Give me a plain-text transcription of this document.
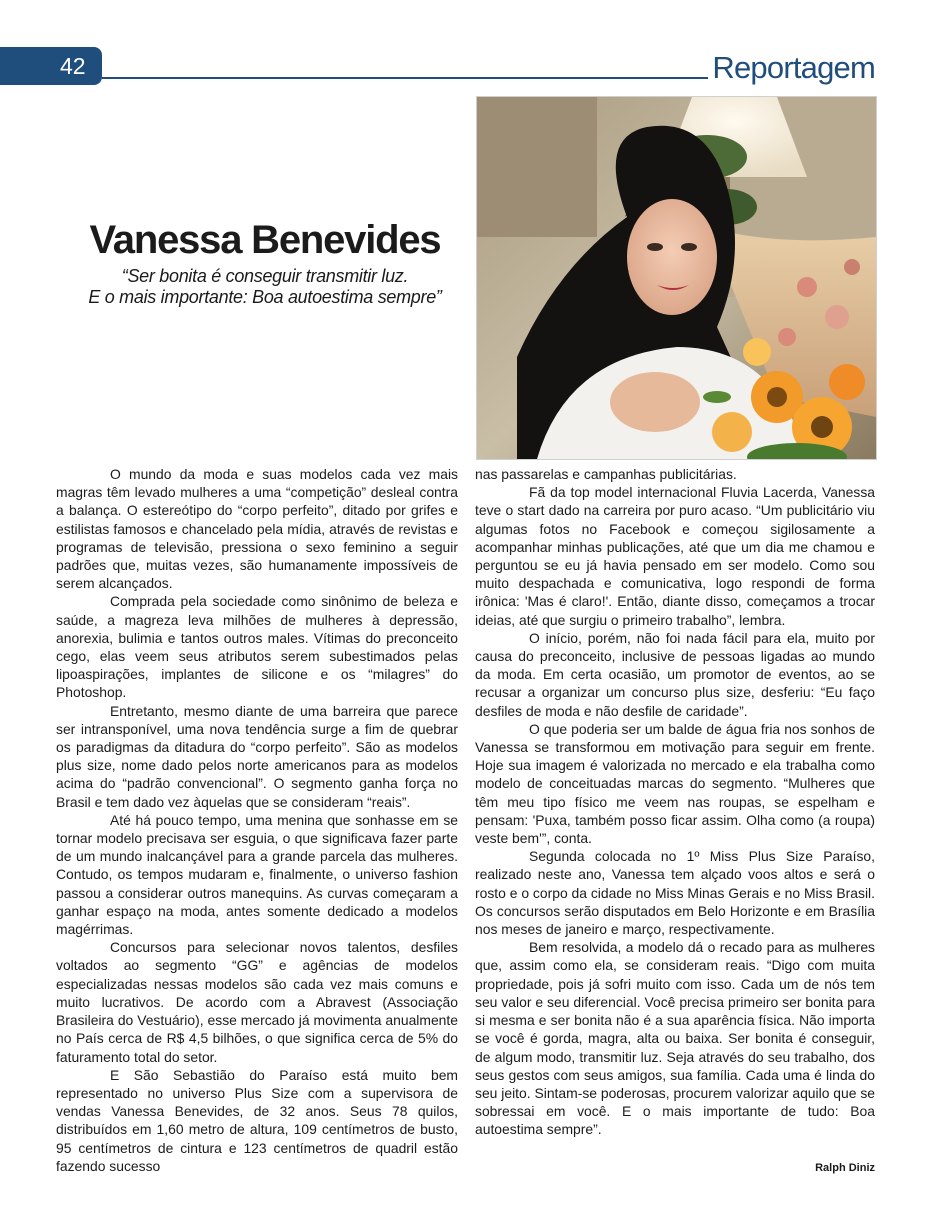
42	Reportagem
Vanessa Benevides
“Ser bonita é conseguir transmitir luz.
E o mais importante: Boa autoestima sempre”

O mundo da moda e suas modelos cada vez mais magras têm levado mulheres a uma “competição” desleal contra a balança. O estereótipo do “corpo perfeito”, ditado por grifes e estilistas famosos e chancelado pela mídia, através de revistas e programas de televisão, pressiona o sexo feminino a seguir padrões que, muitas vezes, são humanamente impossíveis de serem alcançados.

Comprada pela sociedade como sinônimo de beleza e saúde, a magreza leva milhões de mulheres à depressão, anorexia, bulimia e tantos outros males. Vítimas do preconceito cego, elas veem seus atributos serem subestimados pelas lipoaspirações, implantes de silicone e os “milagres” do Photoshop.

Entretanto, mesmo diante de uma barreira que parece ser intransponível, uma nova tendência surge a fim de quebrar os paradigmas da ditadura do “corpo perfeito”. São as modelos plus size, nome dado pelos norte americanos para as modelos acima do “padrão convencional”. O segmento ganha força no Brasil e tem dado vez àquelas que se consideram “reais”.

Até há pouco tempo, uma menina que sonhasse em se tornar modelo precisava ser esguia, o que significava fazer parte de um mundo inalcançável para a grande parcela das mulheres. Contudo, os tempos mudaram e, finalmente, o universo fashion passou a considerar outros manequins. As curvas começaram a ganhar espaço na moda, antes somente dedicado a modelos magérrimas.

Concursos para selecionar novos talentos, desfiles voltados ao segmento “GG” e agências de modelos especializadas nessas modelos são cada vez mais comuns e muito lucrativos. De acordo com a Abravest (Associação Brasileira do Vestuário), esse mercado já movimenta anualmente no País cerca de R$ 4,5 bilhões, o que significa cerca de 5% do faturamento total do setor.

E São Sebastião do Paraíso está muito bem representado no universo Plus Size com a supervisora de vendas Vanessa Benevides, de 32 anos. Seus 78 quilos, distribuídos em 1,60 metro de altura, 109 centímetros de busto, 95 centímetros de cintura e 123 centímetros de quadril estão fazendo sucesso

nas passarelas e campanhas publicitárias.

Fã da top model internacional Fluvia Lacerda, Vanessa teve o start dado na carreira por puro acaso. “Um publicitário viu algumas fotos no Facebook e começou sigilosamente a acompanhar minhas publicações, até que um dia me chamou e perguntou se eu já havia pensado em ser modelo. Como sou muito despachada e comunicativa, logo respondi de forma irônica: 'Mas é claro!'. Então, diante disso, começamos a trocar ideias, até que surgiu o primeiro trabalho”, lembra.

O início, porém, não foi nada fácil para ela, muito por causa do preconceito, inclusive de pessoas ligadas ao mundo da moda. Em certa ocasião, um promotor de eventos, ao se recusar a organizar um concurso plus size, desferiu: “Eu faço desfiles de moda e não desfile de caridade”.

O que poderia ser um balde de água fria nos sonhos de Vanessa se transformou em motivação para seguir em frente. Hoje sua imagem é valorizada no mercado e ela trabalha como modelo de conceituadas marcas do segmento. “Mulheres que têm meu tipo físico me veem nas roupas, se espelham e pensam: 'Puxa, também posso ficar assim. Olha como (a roupa) veste bem'”, conta.

Segunda colocada no 1º Miss Plus Size Paraíso, realizado neste ano, Vanessa tem alçado voos altos e será o rosto e o corpo da cidade no Miss Minas Gerais e no Miss Brasil. Os concursos serão disputados em Belo Horizonte e em Brasília nos meses de janeiro e março, respectivamente.

Bem resolvida, a modelo dá o recado para as mulheres que, assim como ela, se consideram reais. “Digo com muita propriedade, pois já sofri muito com isso. Cada um de nós tem seu valor e seu diferencial. Você precisa primeiro ser bonita para si mesma e ser bonita não é a sua aparência física. Não importa se você é gorda, magra, alta ou baixa. Ser bonita é conseguir, de algum modo, transmitir luz. Seja através do seu trabalho, dos seus gestos com seus amigos, sua família. Cada uma é linda do seu jeito. Sintam-se poderosas, procurem valorizar aquilo que se sobressai em você. E o mais importante de tudo: Boa autoestima sempre”.

Ralph Diniz
